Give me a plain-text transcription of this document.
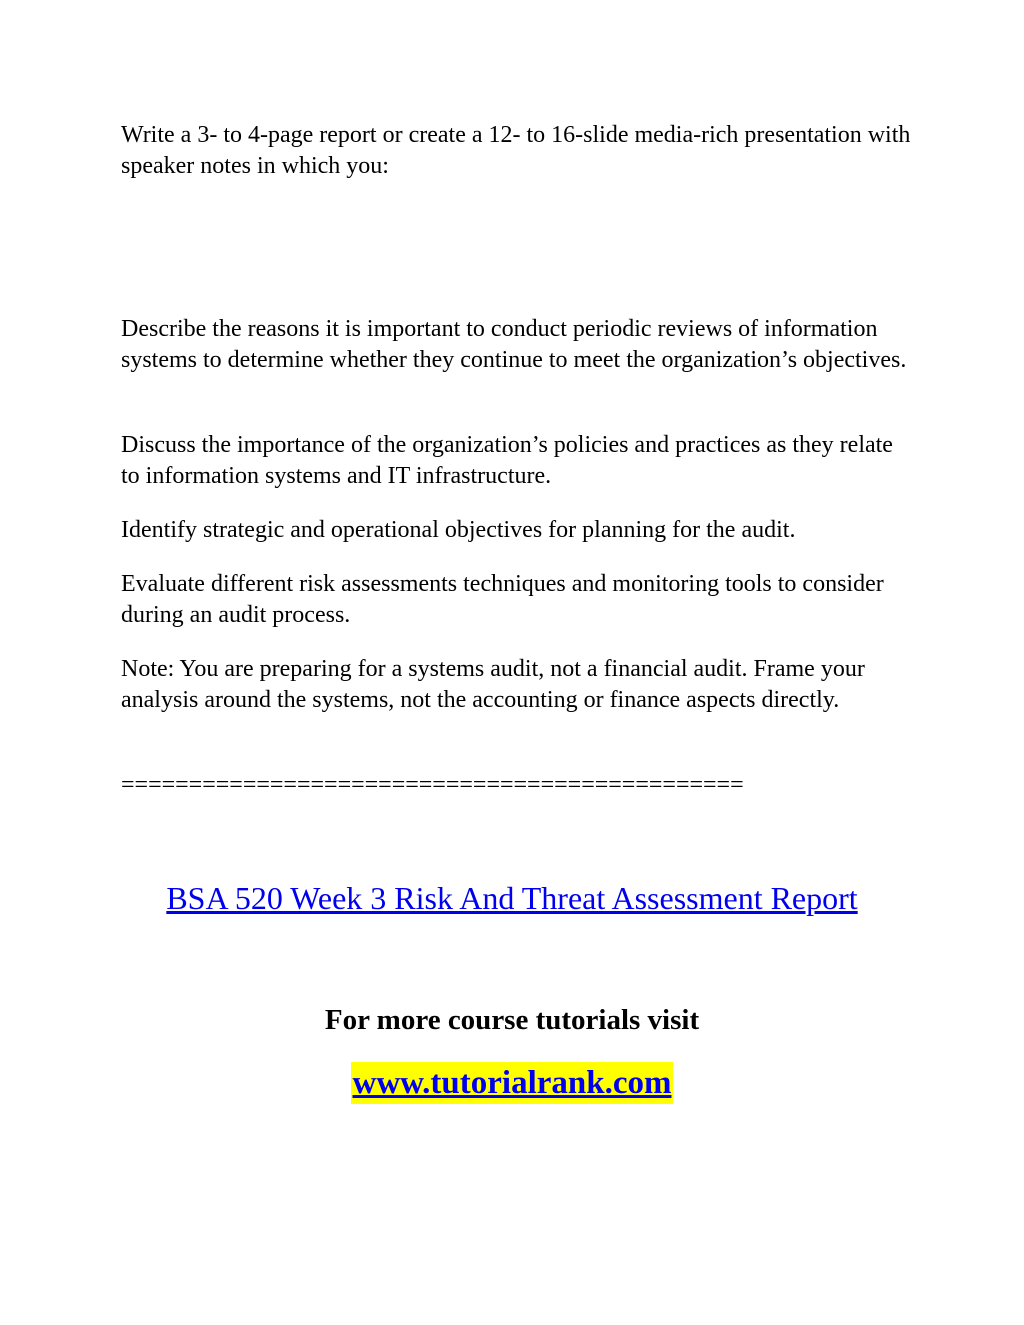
Write a 3- to 4-page report or create a 12- to 16-slide media-rich presentation with speaker notes in which you:

Describe the reasons it is important to conduct periodic reviews of information systems to determine whether they continue to meet the organization’s objectives.

Discuss the importance of the organization’s policies and practices as they relate to information systems and IT infrastructure.

Identify strategic and operational objectives for planning for the audit.

Evaluate different risk assessments techniques and monitoring tools to consider during an audit process.

Note: You are preparing for a systems audit, not a financial audit. Frame your analysis around the systems, not the accounting or finance aspects directly.

==============================================

BSA 520 Week 3 Risk And Threat Assessment Report

For more course tutorials visit

www.tutorialrank.com
